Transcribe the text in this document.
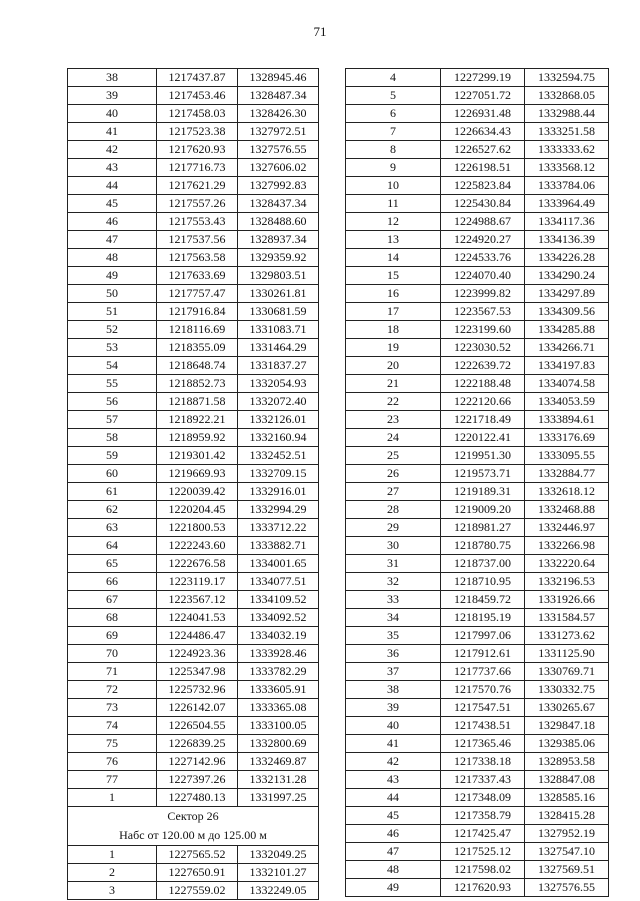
71
38	1217437.87	1328945.46
39	1217453.46	1328487.34
40	1217458.03	1328426.30
41	1217523.38	1327972.51
42	1217620.93	1327576.55
43	1217716.73	1327606.02
44	1217621.29	1327992.83
45	1217557.26	1328437.34
46	1217553.43	1328488.60
47	1217537.56	1328937.34
48	1217563.58	1329359.92
49	1217633.69	1329803.51
50	1217757.47	1330261.81
51	1217916.84	1330681.59
52	1218116.69	1331083.71
53	1218355.09	1331464.29
54	1218648.74	1331837.27
55	1218852.73	1332054.93
56	1218871.58	1332072.40
57	1218922.21	1332126.01
58	1218959.92	1332160.94
59	1219301.42	1332452.51
60	1219669.93	1332709.15
61	1220039.42	1332916.01
62	1220204.45	1332994.29
63	1221800.53	1333712.22
64	1222243.60	1333882.71
65	1222676.58	1334001.65
66	1223119.17	1334077.51
67	1223567.12	1334109.52
68	1224041.53	1334092.52
69	1224486.47	1334032.19
70	1224923.36	1333928.46
71	1225347.98	1333782.29
72	1225732.96	1333605.91
73	1226142.07	1333365.08
74	1226504.55	1333100.05
75	1226839.25	1332800.69
76	1227142.96	1332469.87
77	1227397.26	1332131.28
1	1227480.13	1331997.25
Сектор 26		
Набс от 120.00 м до 125.00 м		
1	1227565.52	1332049.25
2	1227650.91	1332101.27
3	1227559.02	1332249.05
4	1227299.19	1332594.75
5	1227051.72	1332868.05
6	1226931.48	1332988.44
7	1226634.43	1333251.58
8	1226527.62	1333333.62
9	1226198.51	1333568.12
10	1225823.84	1333784.06
11	1225430.84	1333964.49
12	1224988.67	1334117.36
13	1224920.27	1334136.39
14	1224533.76	1334226.28
15	1224070.40	1334290.24
16	1223999.82	1334297.89
17	1223567.53	1334309.56
18	1223199.60	1334285.88
19	1223030.52	1334266.71
20	1222639.72	1334197.83
21	1222188.48	1334074.58
22	1222120.66	1334053.59
23	1221718.49	1333894.61
24	1220122.41	1333176.69
25	1219951.30	1333095.55
26	1219573.71	1332884.77
27	1219189.31	1332618.12
28	1219009.20	1332468.88
29	1218981.27	1332446.97
30	1218780.75	1332266.98
31	1218737.00	1332220.64
32	1218710.95	1332196.53
33	1218459.72	1331926.66
34	1218195.19	1331584.57
35	1217997.06	1331273.62
36	1217912.61	1331125.90
37	1217737.66	1330769.71
38	1217570.76	1330332.75
39	1217547.51	1330265.67
40	1217438.51	1329847.18
41	1217365.46	1329385.06
42	1217338.18	1328953.58
43	1217337.43	1328847.08
44	1217348.09	1328585.16
45	1217358.79	1328415.28
46	1217425.47	1327952.19
47	1217525.12	1327547.10
48	1217598.02	1327569.51
49	1217620.93	1327576.55
